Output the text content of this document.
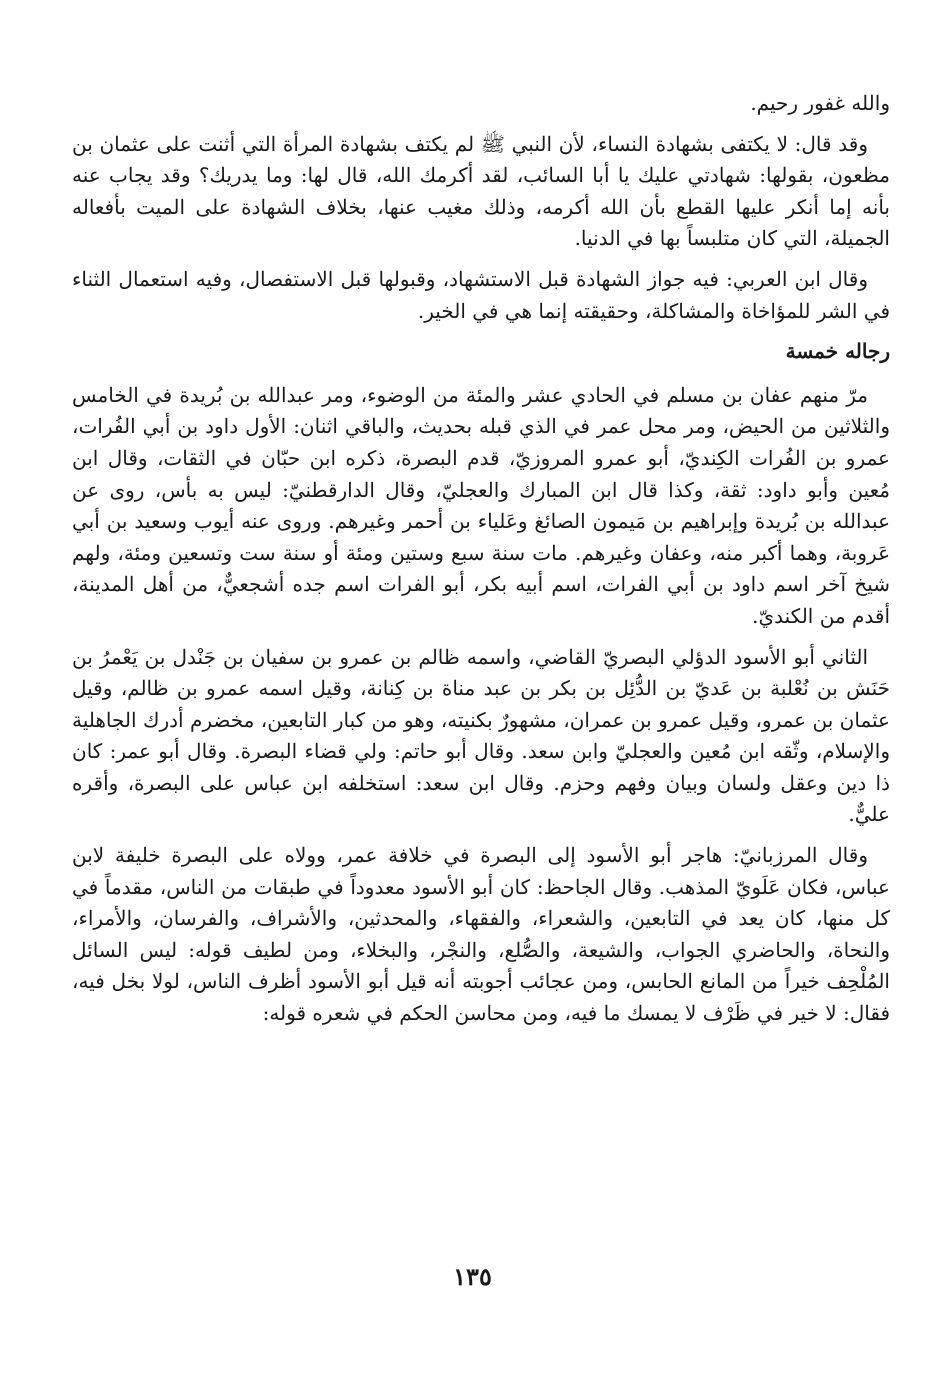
والله غفور رحيم.

وقد قال: لا يكتفى بشهادة النساء، لأن النبي ﷺ لم يكتف بشهادة المرأة التي أثنت على عثمان بن مظعون، بقولها: شهادتي عليك يا أبا السائب، لقد أكرمك الله، قال لها: وما يدريك؟ وقد يجاب عنه بأنه إما أنكر عليها القطع بأن الله أكرمه، وذلك مغيب عنها، بخلاف الشهادة على الميت بأفعاله الجميلة، التي كان متلبساً بها في الدنيا.

وقال ابن العربي: فيه جواز الشهادة قبل الاستشهاد، وقبولها قبل الاستفصال، وفيه استعمال الثناء في الشر للمؤاخاة والمشاكلة، وحقيقته إنما هي في الخير.

رجاله خمسة

مرّ منهم عفان بن مسلم في الحادي عشر والمئة من الوضوء، ومر عبدالله بن بُريدة في الخامس والثلاثين من الحيض، ومر محل عمر في الذي قبله بحديث، والباقي اثنان: الأول داود بن أبي الفُرات، عمرو بن الفُرات الكِنديّ، أبو عمرو المروزيّ، قدم البصرة، ذكره ابن حبّان في الثقات، وقال ابن مُعين وأبو داود: ثقة، وكذا قال ابن المبارك والعجليّ، وقال الدارقطنيّ: ليس به بأس، روى عن عبدالله بن بُريدة وإبراهيم بن مَيمون الصائغ وعَلياء بن أحمر وغيرهم. وروى عنه أيوب وسعيد بن أبي عَروبة، وهما أكبر منه، وعفان وغيرهم. مات سنة سبع وستين ومئة أو سنة ست وتسعين ومئة، ولهم شيخ آخر اسم داود بن أبي الفرات، اسم أبيه بكر، أبو الفرات اسم جده أشجعيٌّ، من أهل المدينة، أقدم من الكنديّ.

الثاني أبو الأسود الدؤلي البصريّ القاضي، واسمه ظالم بن عمرو بن سفيان بن جَنْدل بن يَعْمرُ بن حَنَش بن نُعْلبة بن عَديّ بن الدُّئِل بن بكر بن عبد مناة بن كِنانة، وقيل اسمه عمرو بن ظالم، وقيل عثمان بن عمرو، وقيل عمرو بن عمران، مشهورٌ بكنيته، وهو من كبار التابعين، مخضرم أدرك الجاهلية والإسلام، وثّقه ابن مُعين والعجليّ وابن سعد. وقال أبو حاتم: ولي قضاء البصرة. وقال أبو عمر: كان ذا دين وعقل ولسان وبيان وفهم وحزم. وقال ابن سعد: استخلفه ابن عباس على البصرة، وأقره عليٌّ.

وقال المرزبانيّ: هاجر أبو الأسود إلى البصرة في خلافة عمر، وولاه على البصرة خليفة لابن عباس، فكان عَلَويّ المذهب. وقال الجاحظ: كان أبو الأسود معدوداً في طبقات من الناس، مقدماً في كل منها، كان يعد في التابعين، والشعراء، والفقهاء، والمحدثين، والأشراف، والفرسان، والأمراء، والنحاة، والحاضري الجواب، والشيعة، والصُّلع، والنجْر، والبخلاء، ومن لطيف قوله: ليس السائل المُلْحِف خيراً من المانع الحابس، ومن عجائب أجوبته أنه قيل أبو الأسود أظرف الناس، لولا بخل فيه، فقال: لا خير في ظَرْف لا يمسك ما فيه، ومن محاسن الحكم في شعره قوله:

١٣٥
